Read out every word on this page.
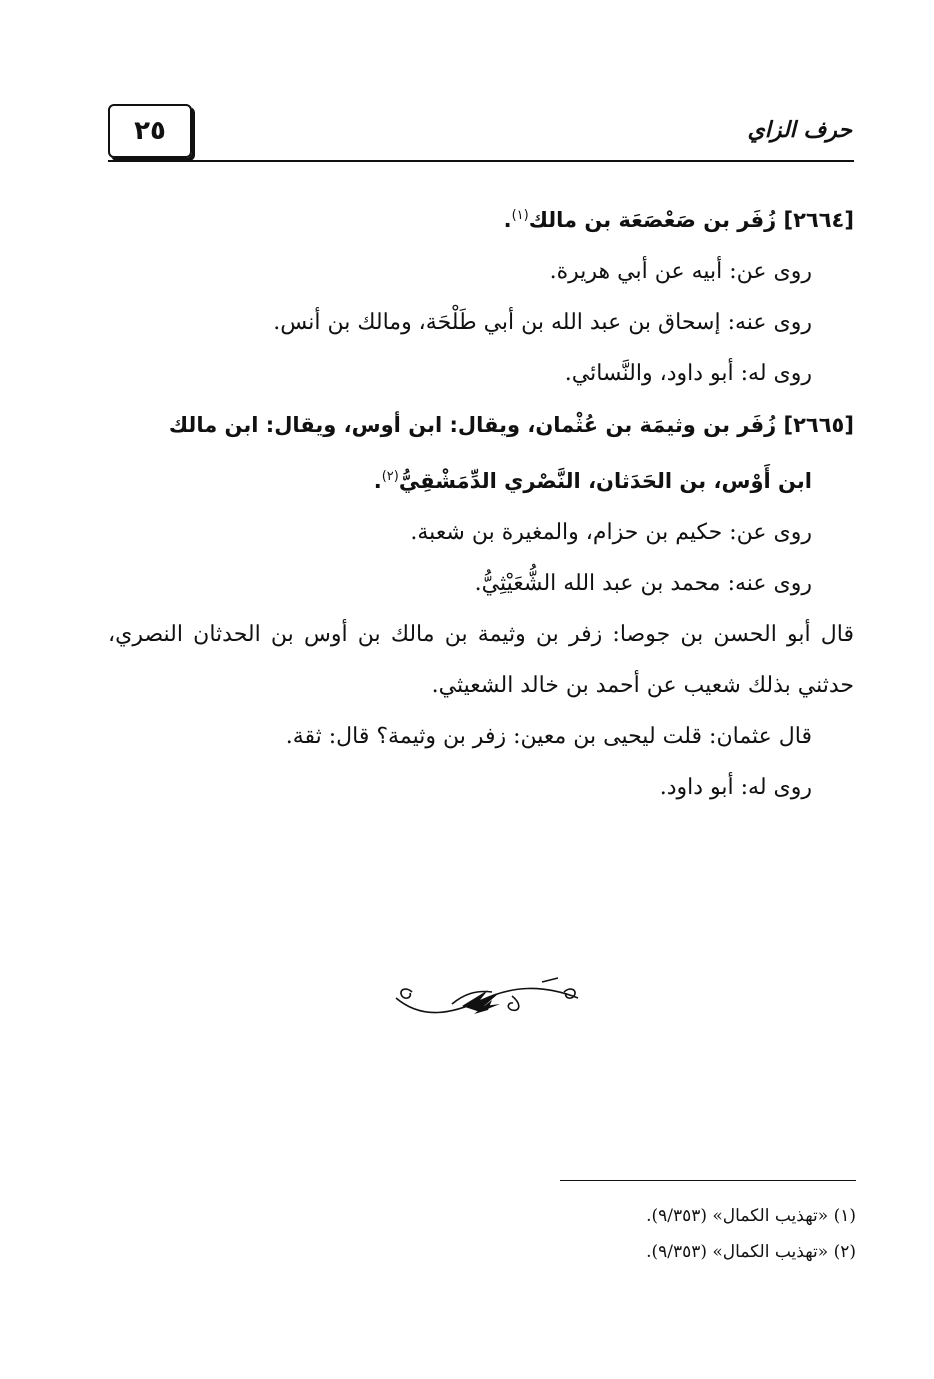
٢٥	حرف الزاي
[٢٦٦٤] زُفَر بن صَعْصَعَة بن مالك$^{(١)}$.
روى عن: أبيه عن أبي هريرة.
روى عنه: إسحاق بن عبد الله بن أبي طَلْحَة، ومالك بن أنس.
روى له: أبو داود، والنَّسائي.
[٢٦٦٥] زُفَر بن وثيمَة بن عُثْمان، ويقال: ابن أوس، ويقال: ابن مالك
ابن أَوْس، بن الحَدَثان، النَّصْري الدِّمَشْقِيُّ$^{(٢)}$.
روى عن: حكيم بن حزام، والمغيرة بن شعبة.
روى عنه: محمد بن عبد الله الشُّعَيْثِيُّ.
قال أبو الحسن بن جوصا: زفر بن وثيمة بن مالك بن أوس بن الحدثان النصري، حدثني بذلك شعيب عن أحمد بن خالد الشعيثي.
قال عثمان: قلت ليحيى بن معين: زفر بن وثيمة؟ قال: ثقة.
روى له: أبو داود.
(١) «تهذيب الكمال» (٩/٣٥٣).
(٢) «تهذيب الكمال» (٩/٣٥٣).
